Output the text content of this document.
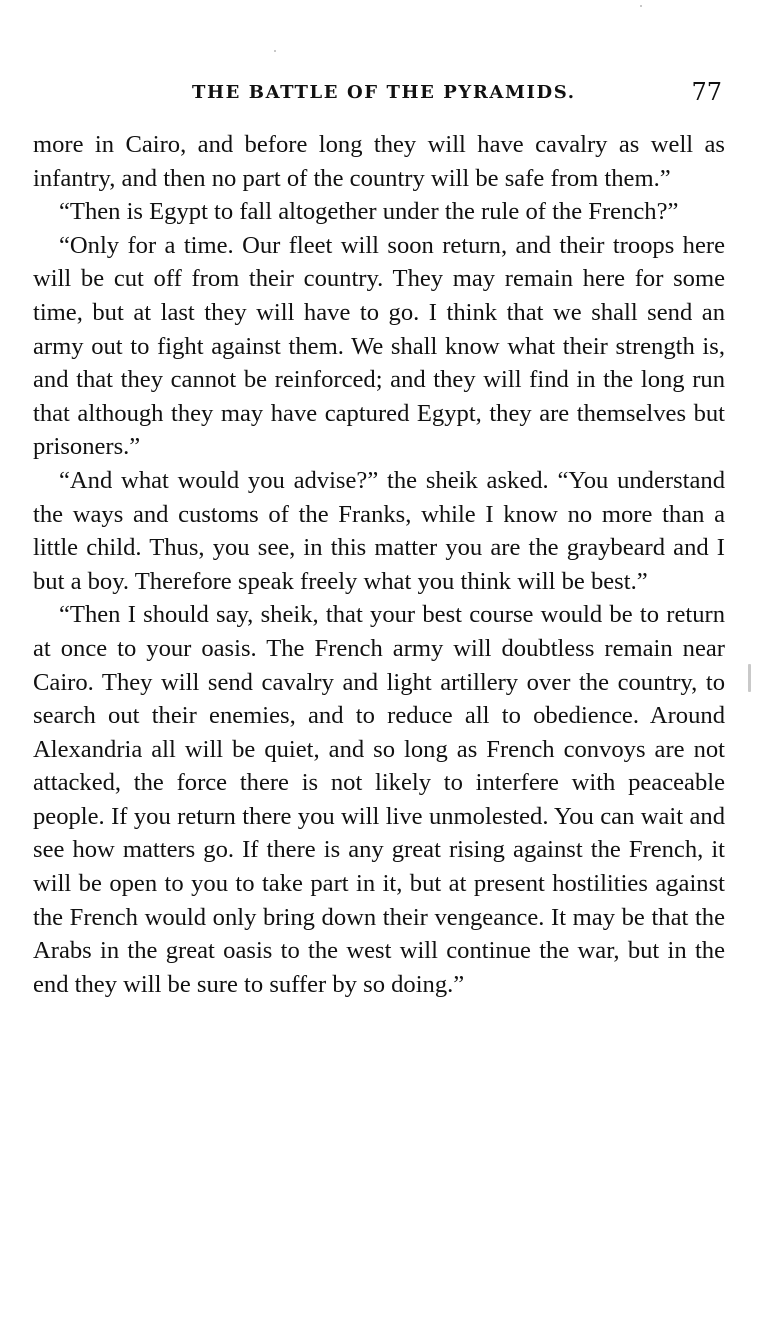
THE BATTLE OF THE PYRAMIDS.	77

more in Cairo, and before long they will have cavalry as well as infantry, and then no part of the country will be safe from them.”

“Then is Egypt to fall altogether under the rule of the French?”

“Only for a time. Our fleet will soon return, and their troops here will be cut off from their country. They may remain here for some time, but at last they will have to go. I think that we shall send an army out to fight against them. We shall know what their strength is, and that they cannot be reinforced; and they will find in the long run that although they may have captured Egypt, they are themselves but prisoners.”

“And what would you advise?” the sheik asked. “You understand the ways and customs of the Franks, while I know no more than a little child. Thus, you see, in this matter you are the graybeard and I but a boy. Therefore speak freely what you think will be best.”

“Then I should say, sheik, that your best course would be to return at once to your oasis. The French army will doubtless remain near Cairo. They will send cavalry and light artillery over the country, to search out their enemies, and to reduce all to obedience. Around Alexandria all will be quiet, and so long as French convoys are not attacked, the force there is not likely to interfere with peaceable people. If you return there you will live unmolested. You can wait and see how matters go. If there is any great rising against the French, it will be open to you to take part in it, but at present hostilities against the French would only bring down their vengeance. It may be that the Arabs in the great oasis to the west will continue the war, but in the end they will be sure to suffer by so doing.”
